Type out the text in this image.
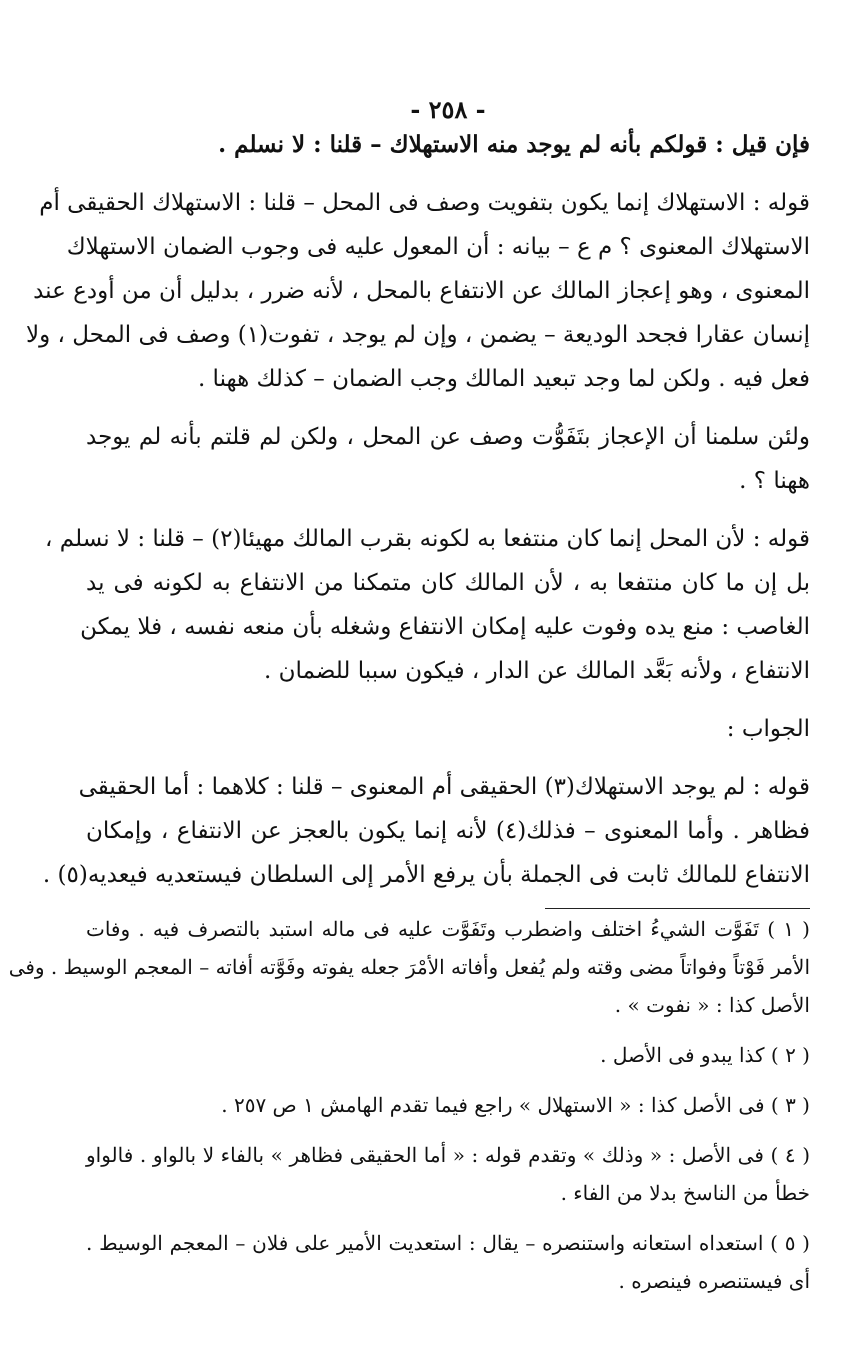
- ٢٥٨ -
فإن قيل : قولكم بأنه لم يوجد منه الاستهلاك – قلنا : لا نسلم .
قوله : الاستهلاك إنما يكون بتفويت وصف فى المحل – قلنا : الاستهلاك الحقيقى أم
الاستهلاك المعنوى ؟ م ع – بيانه : أن المعول عليه فى وجوب الضمان الاستهلاك
المعنوى ، وهو إعجاز المالك عن الانتفاع بالمحل ، لأنه ضرر ، بدليل أن من أودع عند
إنسان عقارا فجحد الوديعة – يضمن ، وإن لم يوجد ، تفوت(١) وصف فى المحل ، ولا
فعل فيه . ولكن لما وجد تبعيد المالك وجب الضمان – كذلك ههنا .
ولئن سلمنا أن الإعجاز بتَفَوُّت وصف عن المحل ، ولكن لم قلتم بأنه لم يوجد
ههنا ؟ .
قوله : لأن المحل إنما كان منتفعا به لكونه بقرب المالك مهيئا(٢) – قلنا : لا نسلم ،
بل إن ما كان منتفعا به ، لأن المالك كان متمكنا من الانتفاع به لكونه فى يد
الغاصب : منع يده وفوت عليه إمكان الانتفاع وشغله بأن منعه نفسه ، فلا يمكن
الانتفاع ، ولأنه بَعَّد المالك عن الدار ، فيكون سببا للضمان .
الجواب :
قوله : لم يوجد الاستهلاك(٣) الحقيقى أم المعنوى – قلنا : كلاهما : أما الحقيقى
فظاهر . وأما المعنوى – فذلك(٤) لأنه إنما يكون بالعجز عن الانتفاع ، وإمكان
الانتفاع للمالك ثابت فى الجملة بأن يرفع الأمر إلى السلطان فيستعديه فيعديه(٥) .
( ١ ) تَفَوَّت الشيءُ اختلف واضطرب وتَفَوَّت عليه فى ماله استبد بالتصرف فيه . وفات
الأمر فَوْتاً وفواتاً مضى وقته ولم يُفعل وأفاته الأمْرَ جعله يفوته وفَوَّته أفاته – المعجم الوسيط . وفى
الأصل كذا : « نفوت » .
( ٢ ) كذا يبدو فى الأصل .
( ٣ ) فى الأصل كذا : « الاستهلال » راجع فيما تقدم الهامش ١ ص ٢٥٧ .
( ٤ ) فى الأصل : « وذلك » وتقدم قوله : « أما الحقيقى فظاهر » بالفاء لا بالواو . فالواو
خطأ من الناسخ بدلا من الفاء .
( ٥ ) استعداه استعانه واستنصره – يقال : استعديت الأمير على فلان – المعجم الوسيط .
أى فيستنصره فينصره .
